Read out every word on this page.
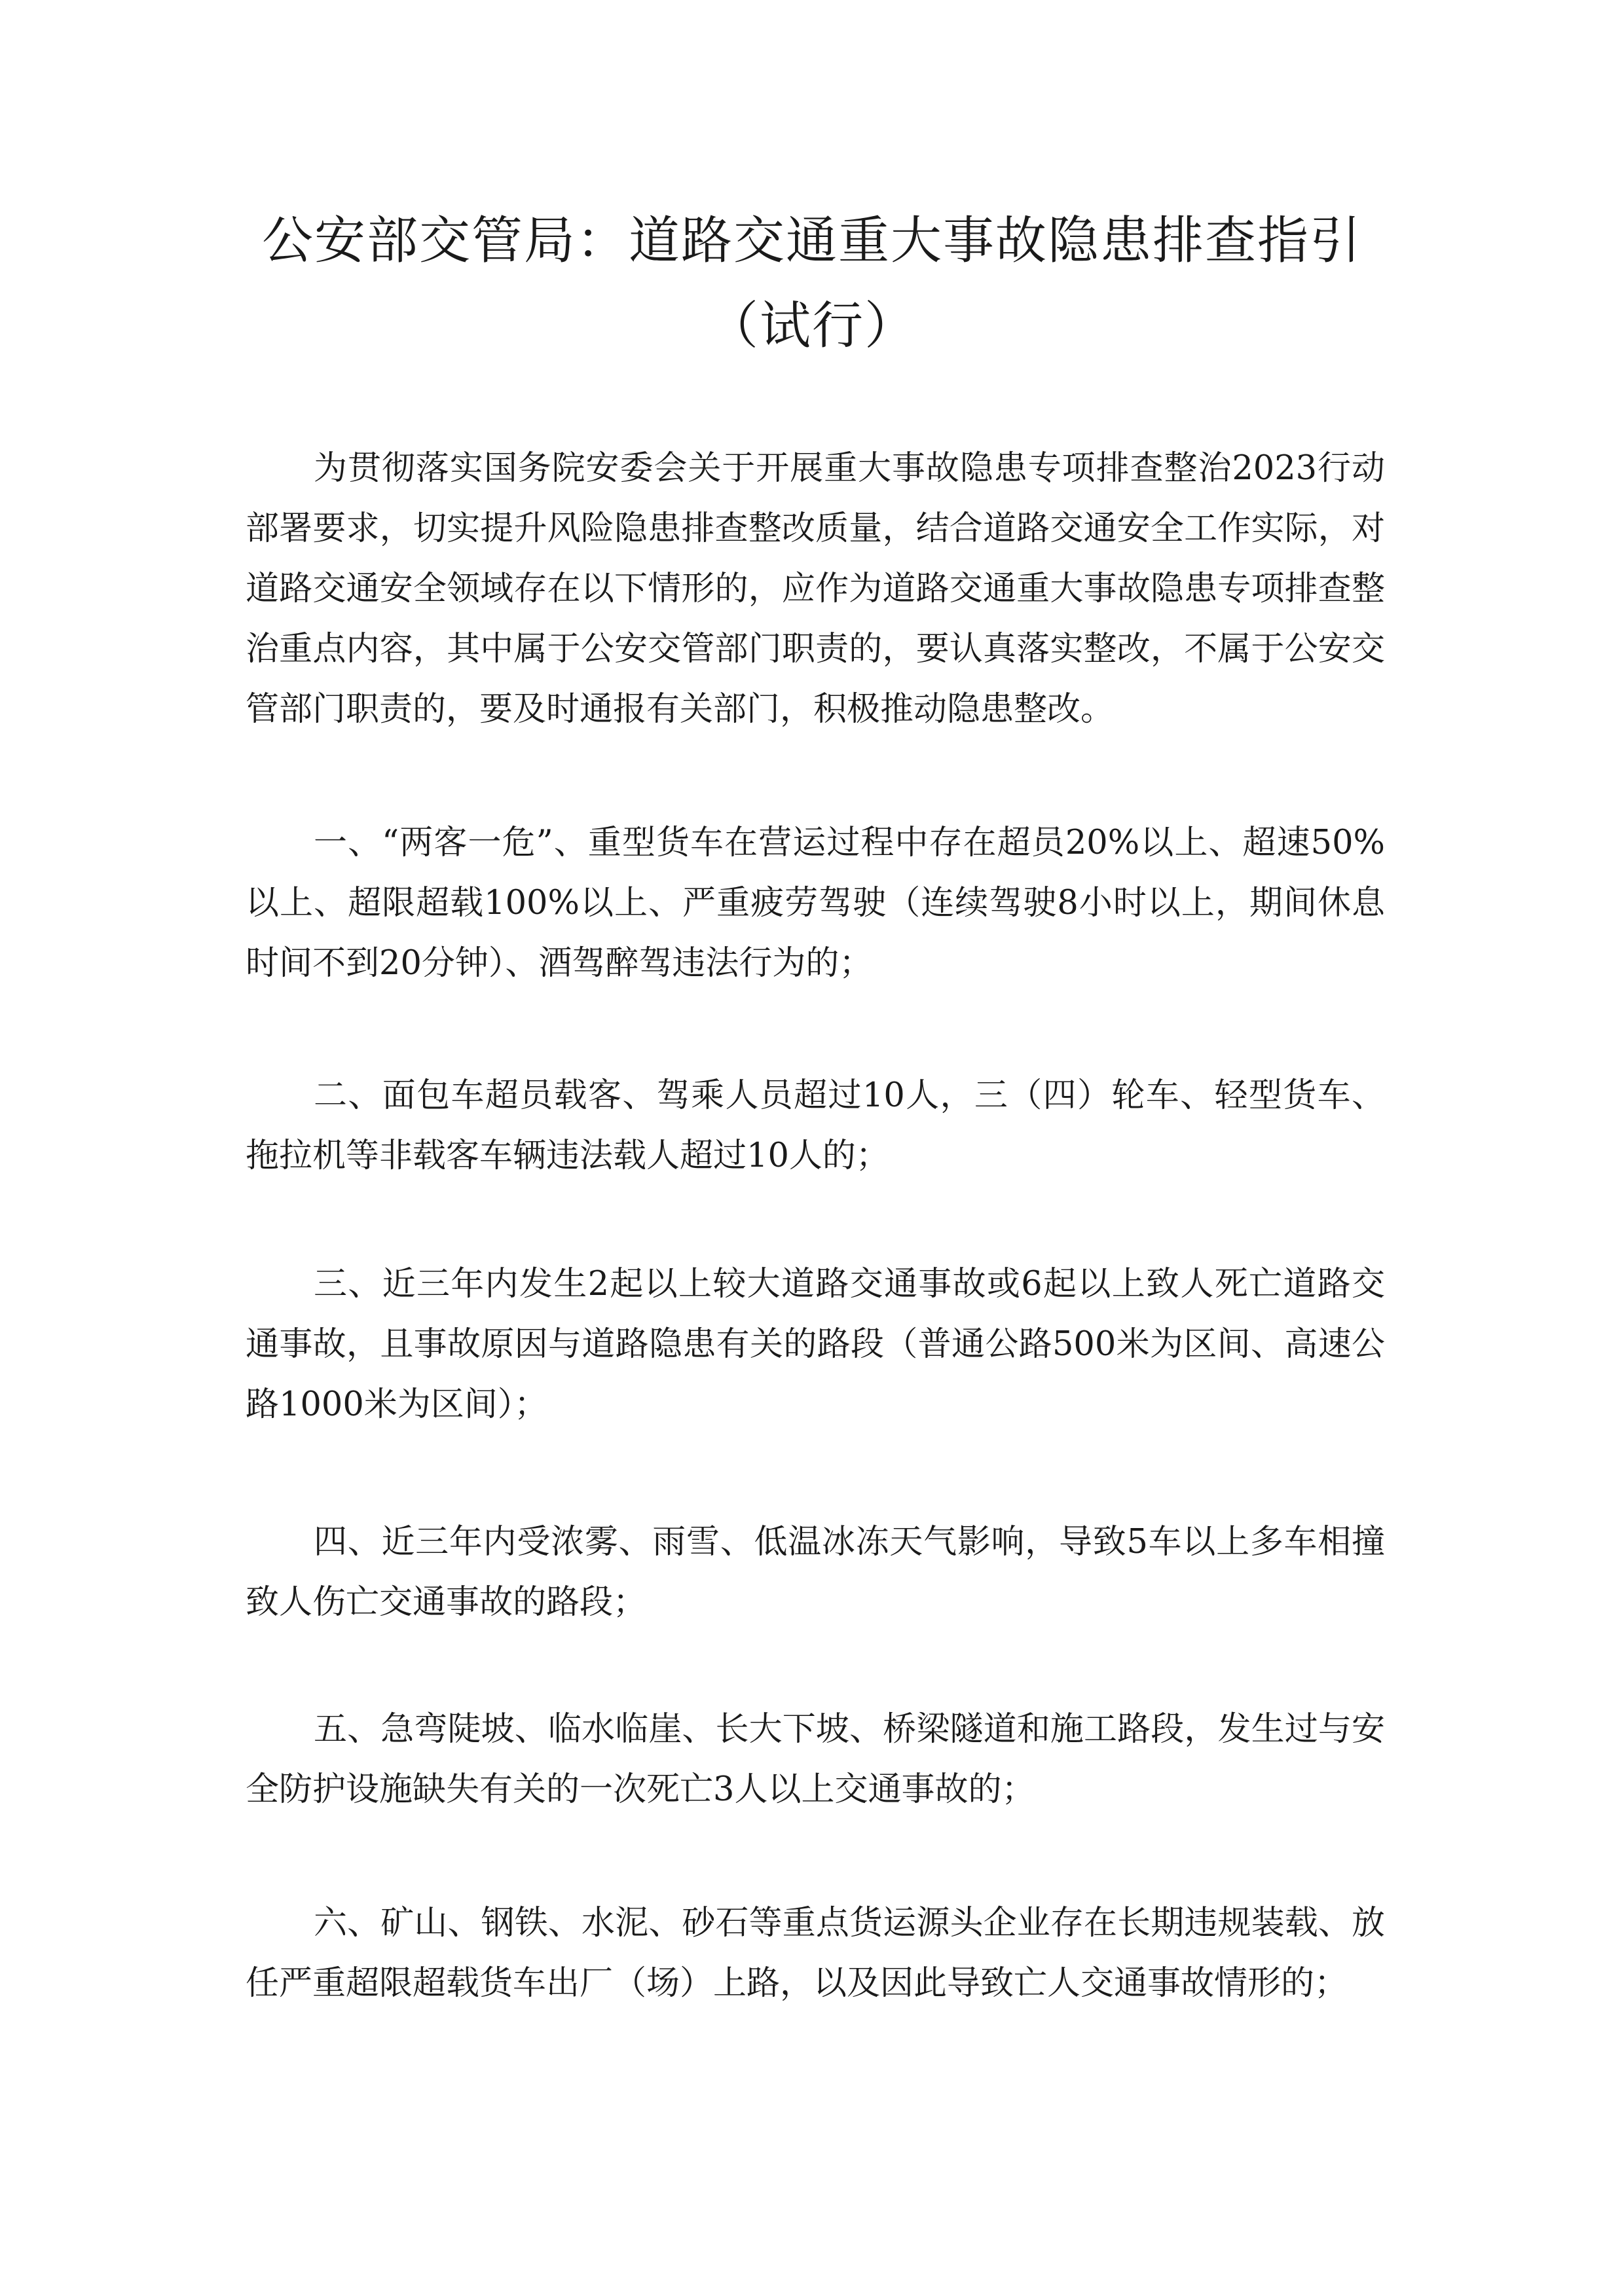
公安部交管局：道路交通重大事故隐患排查指引
（试行）

为贯彻落实国务院安委会关于开展重大事故隐患专项排查整治2023行动部署要求，切实提升风险隐患排查整改质量，结合道路交通安全工作实际，对道路交通安全领域存在以下情形的，应作为道路交通重大事故隐患专项排查整治重点内容，其中属于公安交管部门职责的，要认真落实整改，不属于公安交管部门职责的，要及时通报有关部门，积极推动隐患整改。

一、“两客一危”、重型货车在营运过程中存在超员20%以上、超速50%以上、超限超载100%以上、严重疲劳驾驶（连续驾驶8小时以上，期间休息时间不到20分钟）、酒驾醉驾违法行为的；

二、面包车超员载客、驾乘人员超过10人，三（四）轮车、轻型货车、拖拉机等非载客车辆违法载人超过10人的；

三、近三年内发生2起以上较大道路交通事故或6起以上致人死亡道路交通事故，且事故原因与道路隐患有关的路段（普通公路500米为区间、高速公路1000米为区间）；

四、近三年内受浓雾、雨雪、低温冰冻天气影响，导致5车以上多车相撞致人伤亡交通事故的路段；

五、急弯陡坡、临水临崖、长大下坡、桥梁隧道和施工路段，发生过与安全防护设施缺失有关的一次死亡3人以上交通事故的；

六、矿山、钢铁、水泥、砂石等重点货运源头企业存在长期违规装载、放任严重超限超载货车出厂（场）上路，以及因此导致亡人交通事故情形的；
